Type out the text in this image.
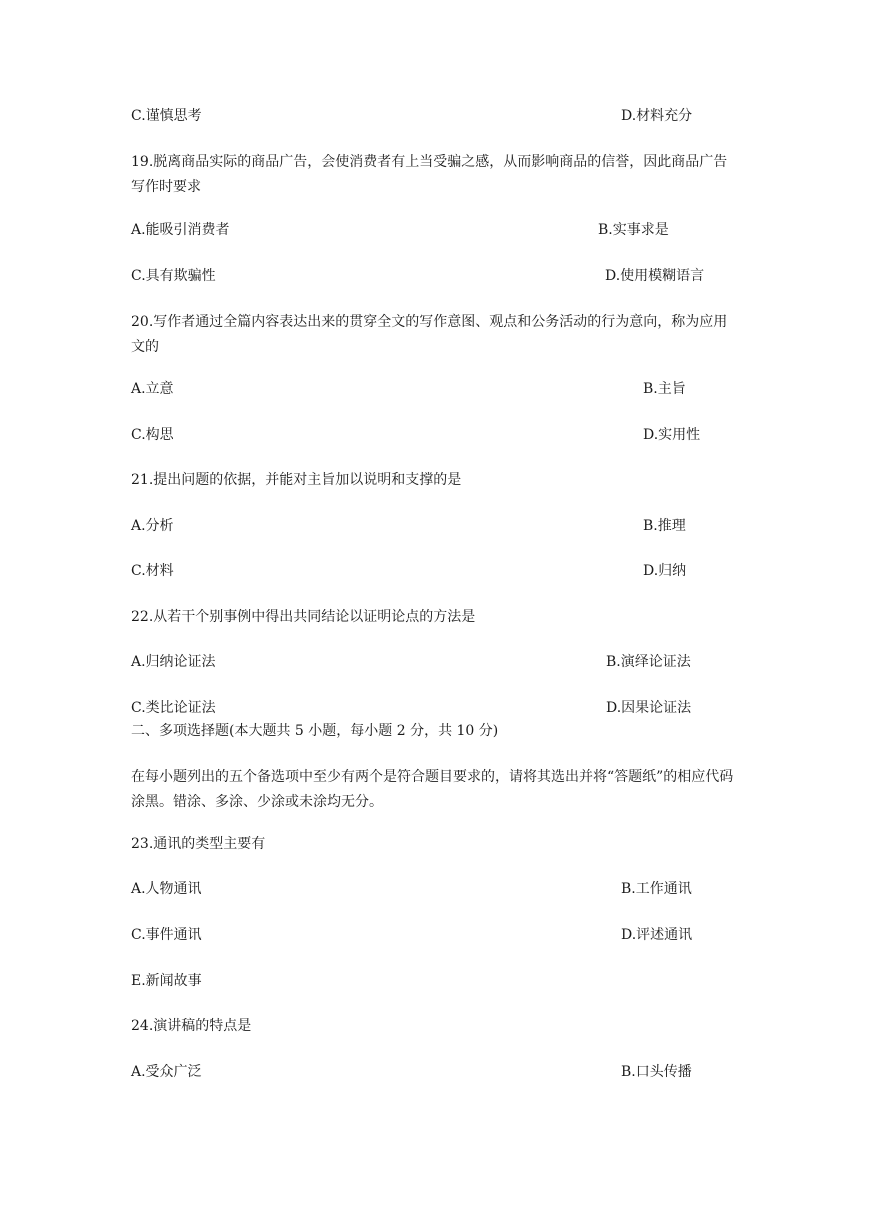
C.谨慎思考	D.材料充分
19.脱离商品实际的商品广告，会使消费者有上当受骗之感，从而影响商品的信誉，因此商品广告写作时要求
A.能吸引消费者	B.实事求是
C.具有欺骗性	D.使用模糊语言
20.写作者通过全篇内容表达出来的贯穿全文的写作意图、观点和公务活动的行为意向，称为应用文的
A.立意	B.主旨
C.构思	D.实用性
21.提出问题的依据，并能对主旨加以说明和支撑的是
A.分析	B.推理
C.材料	D.归纳
22.从若干个别事例中得出共同结论以证明论点的方法是
A.归纳论证法	B.演绎论证法
C.类比论证法	D.因果论证法
二、多项选择题(本大题共 5 小题，每小题 2 分，共 10 分)
在每小题列出的五个备选项中至少有两个是符合题目要求的，请将其选出并将“答题纸”的相应代码涂黑。错涂、多涂、少涂或未涂均无分。
23.通讯的类型主要有
A.人物通讯	B.工作通讯
C.事件通讯	D.评述通讯
E.新闻故事
24.演讲稿的特点是
A.受众广泛	B.口头传播
